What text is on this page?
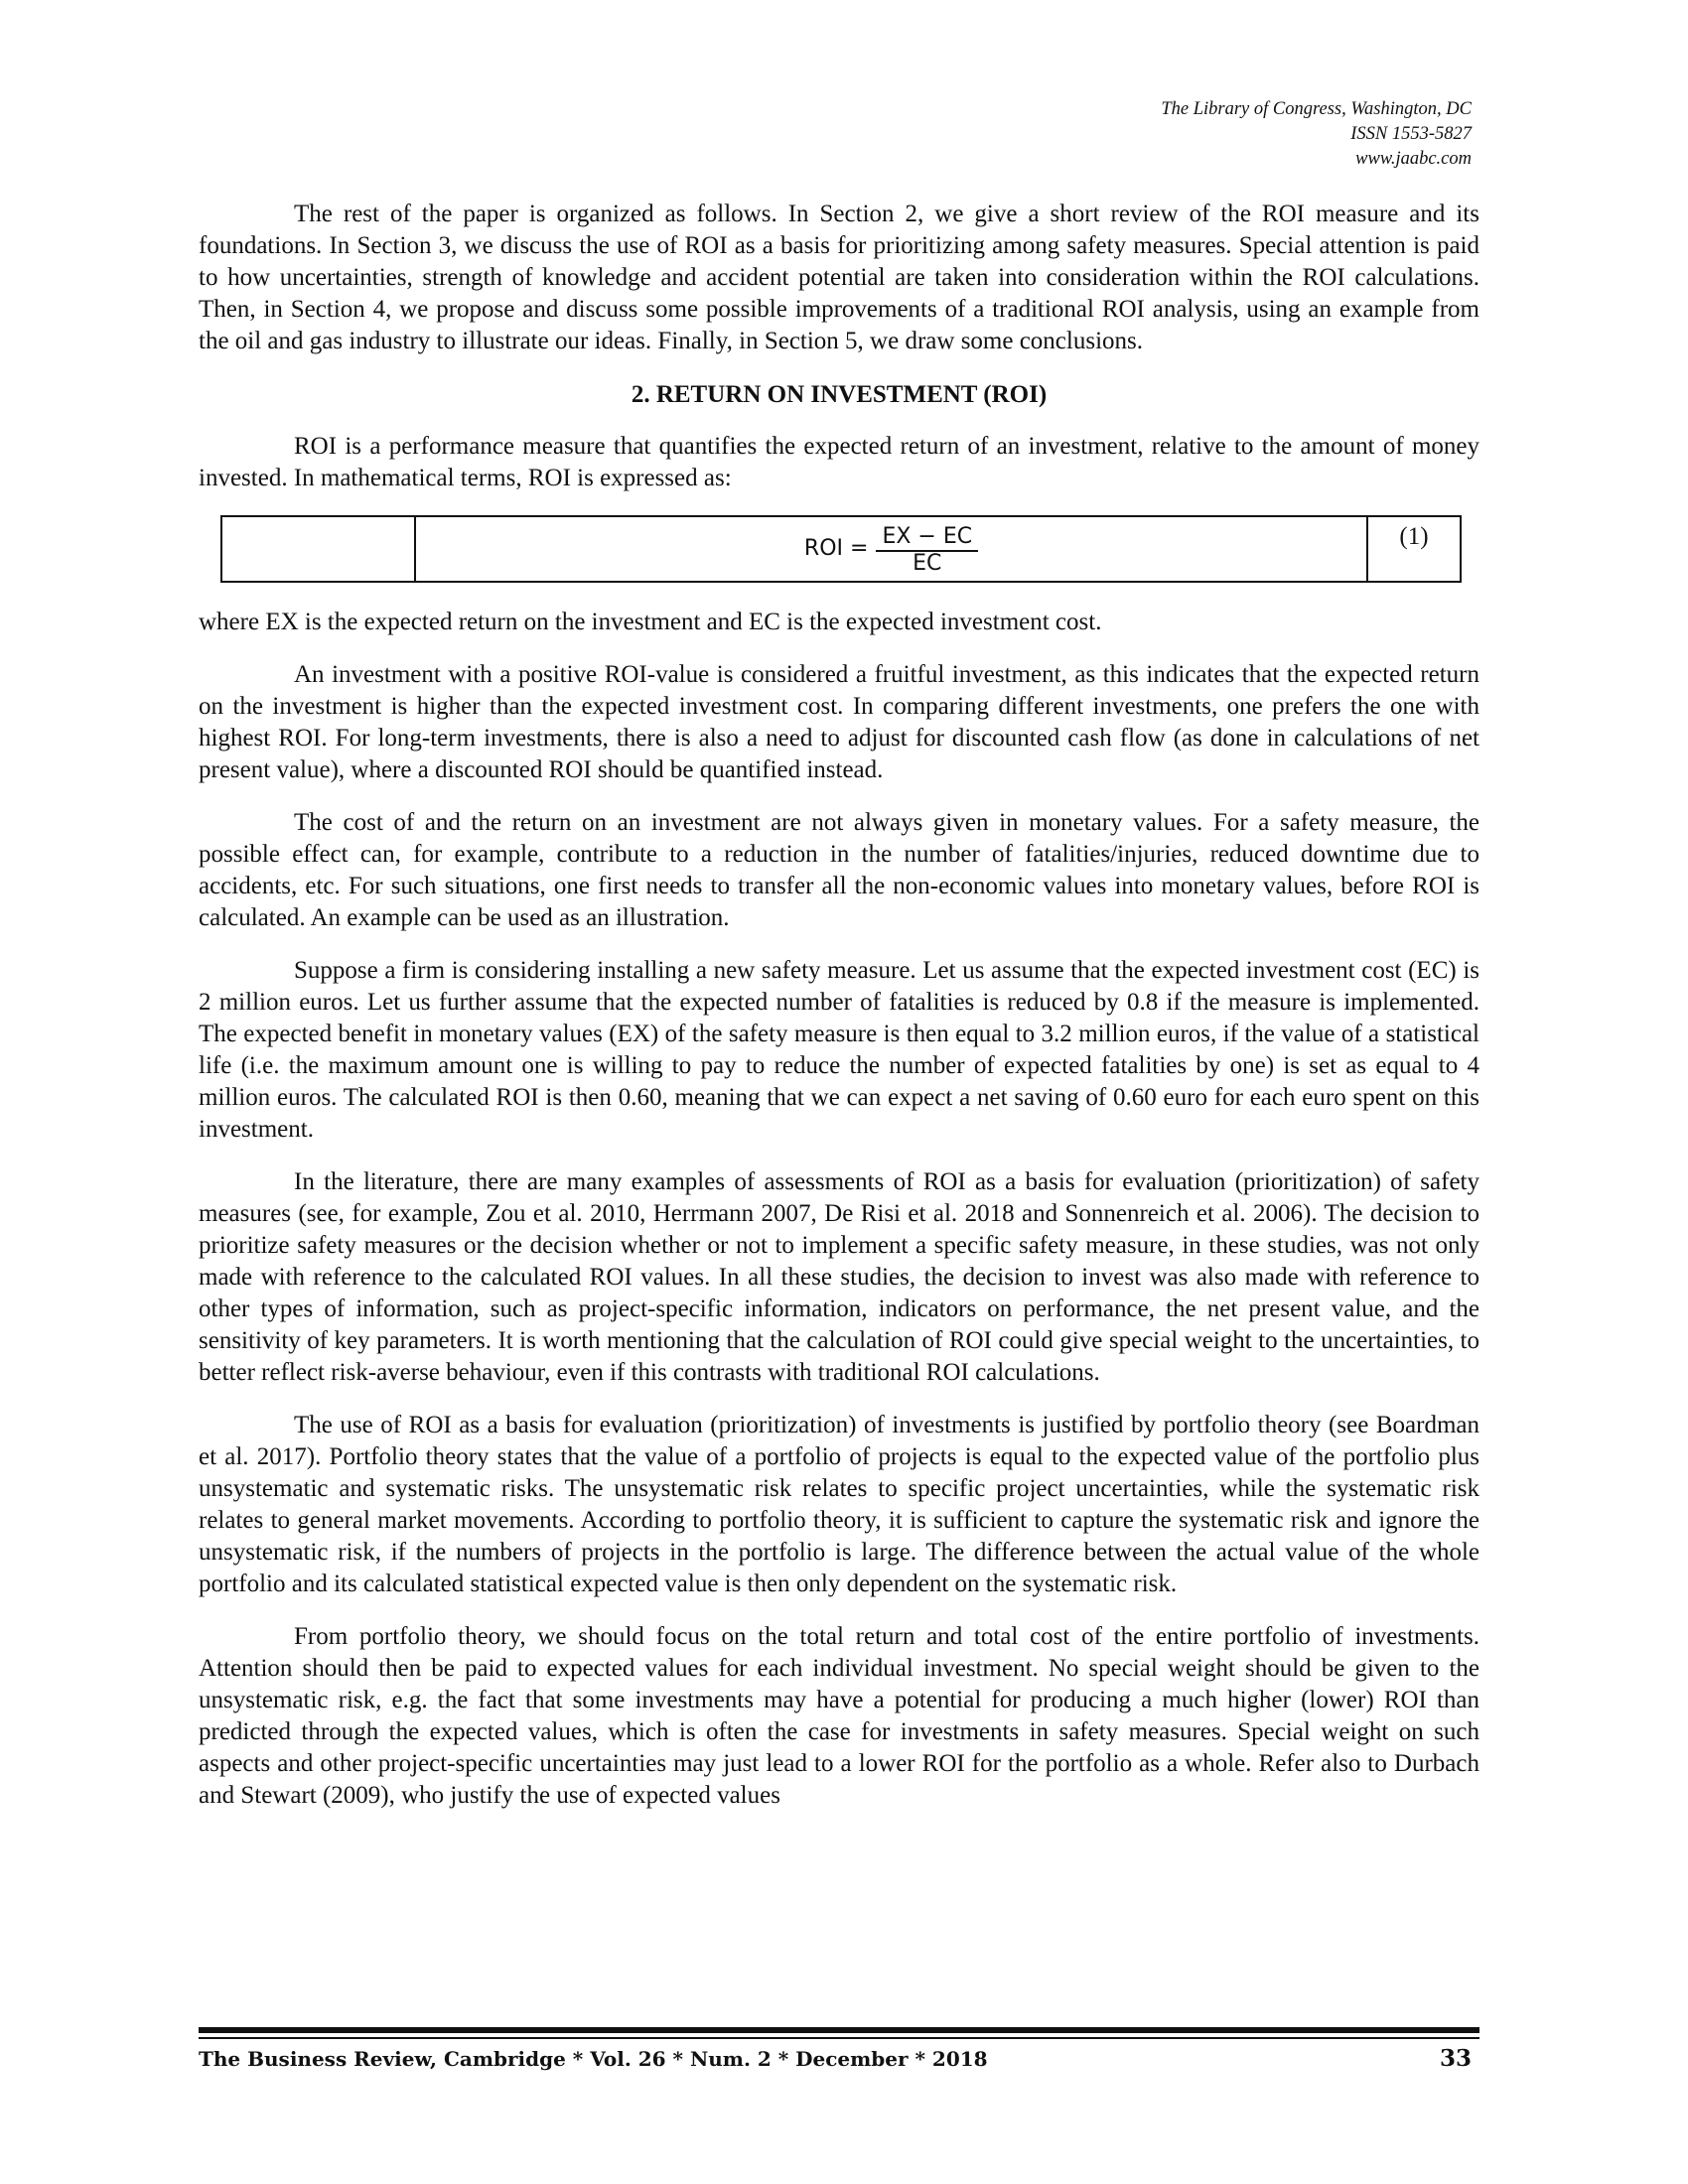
The Library of Congress, Washington, DC
ISSN 1553-5827
www.jaabc.com

The rest of the paper is organized as follows. In Section 2, we give a short review of the ROI measure and its foundations. In Section 3, we discuss the use of ROI as a basis for prioritizing among safety measures. Special attention is paid to how uncertainties, strength of knowledge and accident potential are taken into consideration within the ROI calculations. Then, in Section 4, we propose and discuss some possible improvements of a traditional ROI analysis, using an example from the oil and gas industry to illustrate our ideas. Finally, in Section 5, we draw some conclusions.

2. RETURN ON INVESTMENT (ROI)

ROI is a performance measure that quantifies the expected return of an investment, relative to the amount of money invested. In mathematical terms, ROI is expressed as:

ROI = $\frac{EX - EC}{EC}$	(1)

where EX is the expected return on the investment and EC is the expected investment cost.

An investment with a positive ROI-value is considered a fruitful investment, as this indicates that the expected return on the investment is higher than the expected investment cost. In comparing different investments, one prefers the one with highest ROI. For long-term investments, there is also a need to adjust for discounted cash flow (as done in calculations of net present value), where a discounted ROI should be quantified instead.

The cost of and the return on an investment are not always given in monetary values. For a safety measure, the possible effect can, for example, contribute to a reduction in the number of fatalities/injuries, reduced downtime due to accidents, etc. For such situations, one first needs to transfer all the non-economic values into monetary values, before ROI is calculated. An example can be used as an illustration.

Suppose a firm is considering installing a new safety measure. Let us assume that the expected investment cost (EC) is 2 million euros. Let us further assume that the expected number of fatalities is reduced by 0.8 if the measure is implemented. The expected benefit in monetary values (EX) of the safety measure is then equal to 3.2 million euros, if the value of a statistical life (i.e. the maximum amount one is willing to pay to reduce the number of expected fatalities by one) is set as equal to 4 million euros. The calculated ROI is then 0.60, meaning that we can expect a net saving of 0.60 euro for each euro spent on this investment.

In the literature, there are many examples of assessments of ROI as a basis for evaluation (prioritization) of safety measures (see, for example, Zou et al. 2010, Herrmann 2007, De Risi et al. 2018 and Sonnenreich et al. 2006). The decision to prioritize safety measures or the decision whether or not to implement a specific safety measure, in these studies, was not only made with reference to the calculated ROI values. In all these studies, the decision to invest was also made with reference to other types of information, such as project-specific information, indicators on performance, the net present value, and the sensitivity of key parameters. It is worth mentioning that the calculation of ROI could give special weight to the uncertainties, to better reflect risk-averse behaviour, even if this contrasts with traditional ROI calculations.

The use of ROI as a basis for evaluation (prioritization) of investments is justified by portfolio theory (see Boardman et al. 2017). Portfolio theory states that the value of a portfolio of projects is equal to the expected value of the portfolio plus unsystematic and systematic risks. The unsystematic risk relates to specific project uncertainties, while the systematic risk relates to general market movements. According to portfolio theory, it is sufficient to capture the systematic risk and ignore the unsystematic risk, if the numbers of projects in the portfolio is large. The difference between the actual value of the whole portfolio and its calculated statistical expected value is then only dependent on the systematic risk.

From portfolio theory, we should focus on the total return and total cost of the entire portfolio of investments. Attention should then be paid to expected values for each individual investment. No special weight should be given to the unsystematic risk, e.g. the fact that some investments may have a potential for producing a much higher (lower) ROI than predicted through the expected values, which is often the case for investments in safety measures. Special weight on such aspects and other project-specific uncertainties may just lead to a lower ROI for the portfolio as a whole. Refer also to Durbach and Stewart (2009), who justify the use of expected values

The Business Review, Cambridge * Vol. 26 * Num. 2 * December * 2018	33
